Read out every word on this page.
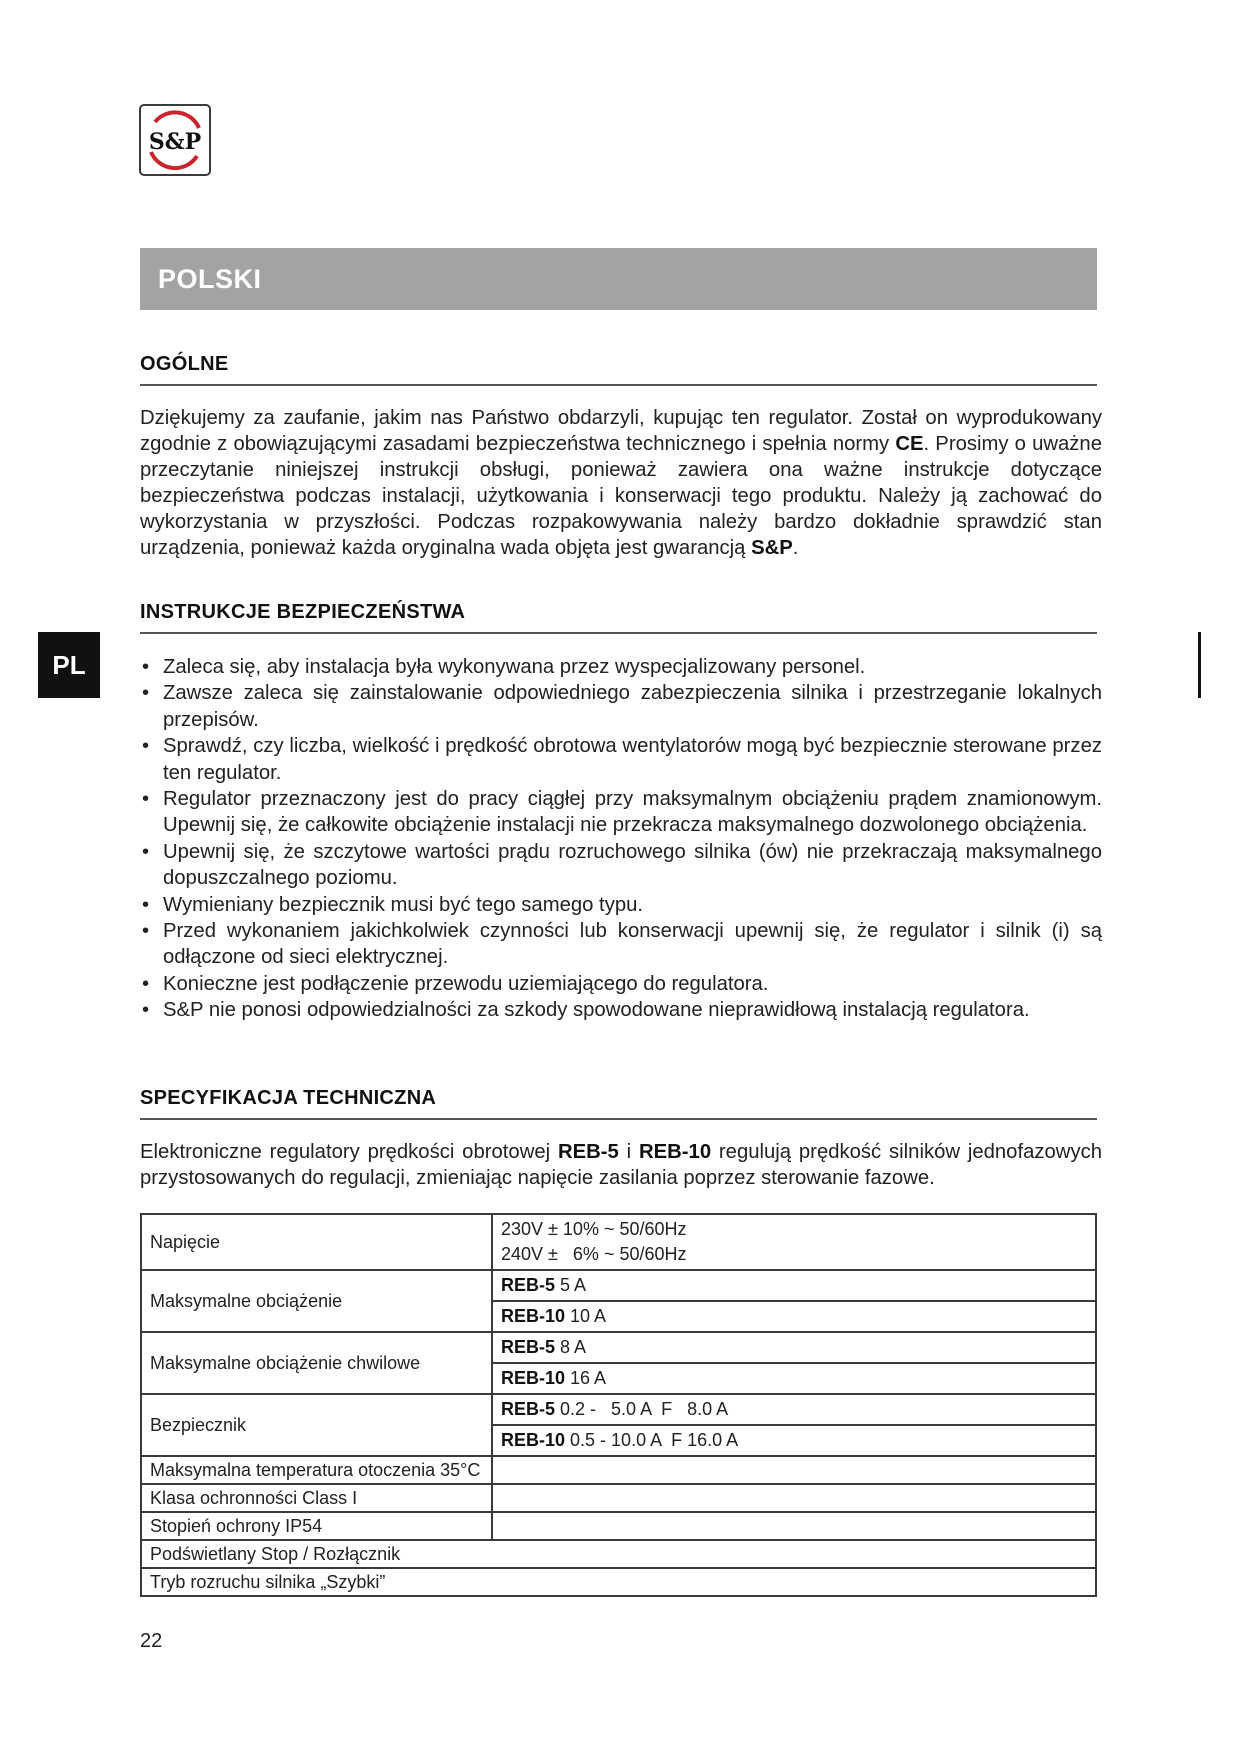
S&P
POLSKI
PL
OGÓLNE

Dziękujemy za zaufanie, jakim nas Państwo obdarzyli, kupując ten regulator. Został on wyprodukowany zgodnie z obowiązującymi zasadami bezpieczeństwa technicznego i spełnia normy CE. Prosimy o uważne przeczytanie niniejszej instrukcji obsługi, ponieważ zawiera ona ważne instrukcje dotyczące bezpieczeństwa podczas instalacji, użytkowania i konserwacji tego produktu. Należy ją zachować do wykorzystania w przyszłości. Podczas rozpakowywania należy bardzo dokładnie sprawdzić stan urządzenia, ponieważ każda oryginalna wada objęta jest gwarancją S&P.

INSTRUKCJE BEZPIECZEŃSTWA
• Zaleca się, aby instalacja była wykonywana przez wyspecjalizowany personel.
• Zawsze zaleca się zainstalowanie odpowiedniego zabezpieczenia silnika i przestrzeganie lokalnych przepisów.
• Sprawdź, czy liczba, wielkość i prędkość obrotowa wentylatorów mogą być bezpiecznie sterowane przez ten regulator.
• Regulator przeznaczony jest do pracy ciągłej przy maksymalnym obciążeniu prądem znamionowym. Upewnij się, że całkowite obciążenie instalacji nie przekracza maksymalnego dozwolonego obciążenia.
• Upewnij się, że szczytowe wartości prądu rozruchowego silnika (ów) nie przekraczają maksymalnego dopuszczalnego poziomu.
• Wymieniany bezpiecznik musi być tego samego typu.
• Przed wykonaniem jakichkolwiek czynności lub konserwacji upewnij się, że regulator i silnik (i) są odłączone od sieci elektrycznej.
• Konieczne jest podłączenie przewodu uziemiającego do regulatora.
• S&P nie ponosi odpowiedzialności za szkody spowodowane nieprawidłową instalacją regulatora.
SPECYFIKACJA TECHNICZNA

Elektroniczne regulatory prędkości obrotowej REB-5 i REB-10 regulują prędkość silników jednofazowych przystosowanych do regulacji, zmieniając napięcie zasilania poprzez sterowanie fazowe.

Napięcie	230V ± 10% ~ 50/60Hz
240V ±   6% ~ 50/60Hz

Maksymalne obciążenie	REB-5 5 A
	REB-10 10 A
Maksymalne obciążenie chwilowe	REB-5 8 A
	REB-10 16 A
Bezpiecznik	REB-5 0.2 -   5.0 A  F   8.0 A
	REB-10 0.5 - 10.0 A  F 16.0 A
Maksymalna temperatura otoczenia 35°C	
Klasa ochronności Class I	
Stopień ochrony IP54	
Podświetlany Stop / Rozłącznik	
Tryb rozruchu silnika „Szybki”	
22
